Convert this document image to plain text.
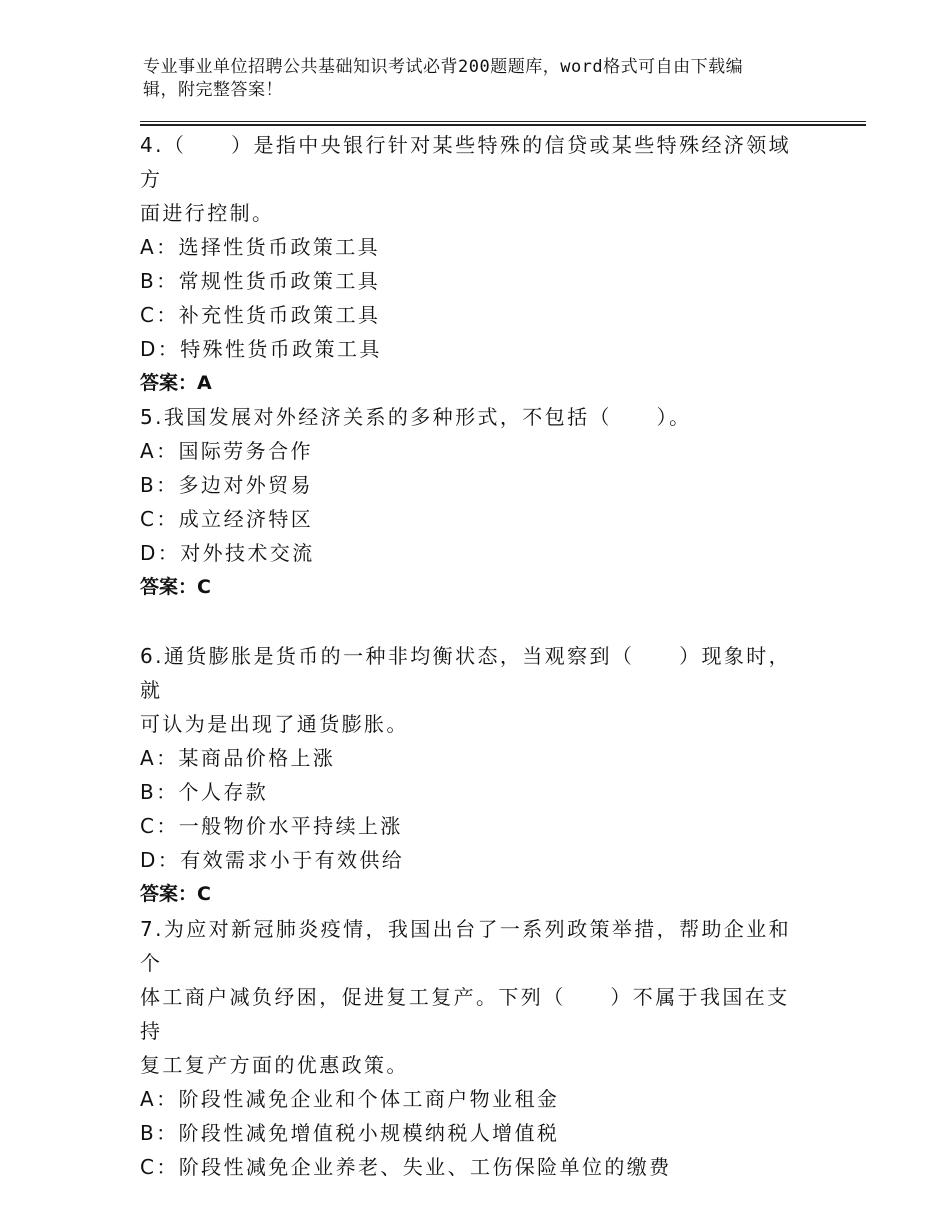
专业事业单位招聘公共基础知识考试必背200题题库，word格式可自由下载编
辑，附完整答案！

4.（　　）是指中央银行针对某些特殊的信贷或某些特殊经济领域方

面进行控制。

A：选择性货币政策工具

B：常规性货币政策工具

C：补充性货币政策工具

D：特殊性货币政策工具

答案：A

5.我国发展对外经济关系的多种形式，不包括（　　）。

A：国际劳务合作

B：多边对外贸易

C：成立经济特区

D：对外技术交流

答案：C

6.通货膨胀是货币的一种非均衡状态，当观察到（　　）现象时，就

可认为是出现了通货膨胀。

A：某商品价格上涨

B：个人存款

C：一般物价水平持续上涨

D：有效需求小于有效供给

答案：C

7.为应对新冠肺炎疫情，我国出台了一系列政策举措，帮助企业和个

体工商户减负纾困，促进复工复产。下列（　　）不属于我国在支持

复工复产方面的优惠政策。

A：阶段性减免企业和个体工商户物业租金

B：阶段性减免增值税小规模纳税人增值税

C：阶段性减免企业养老、失业、工伤保险单位的缴费
